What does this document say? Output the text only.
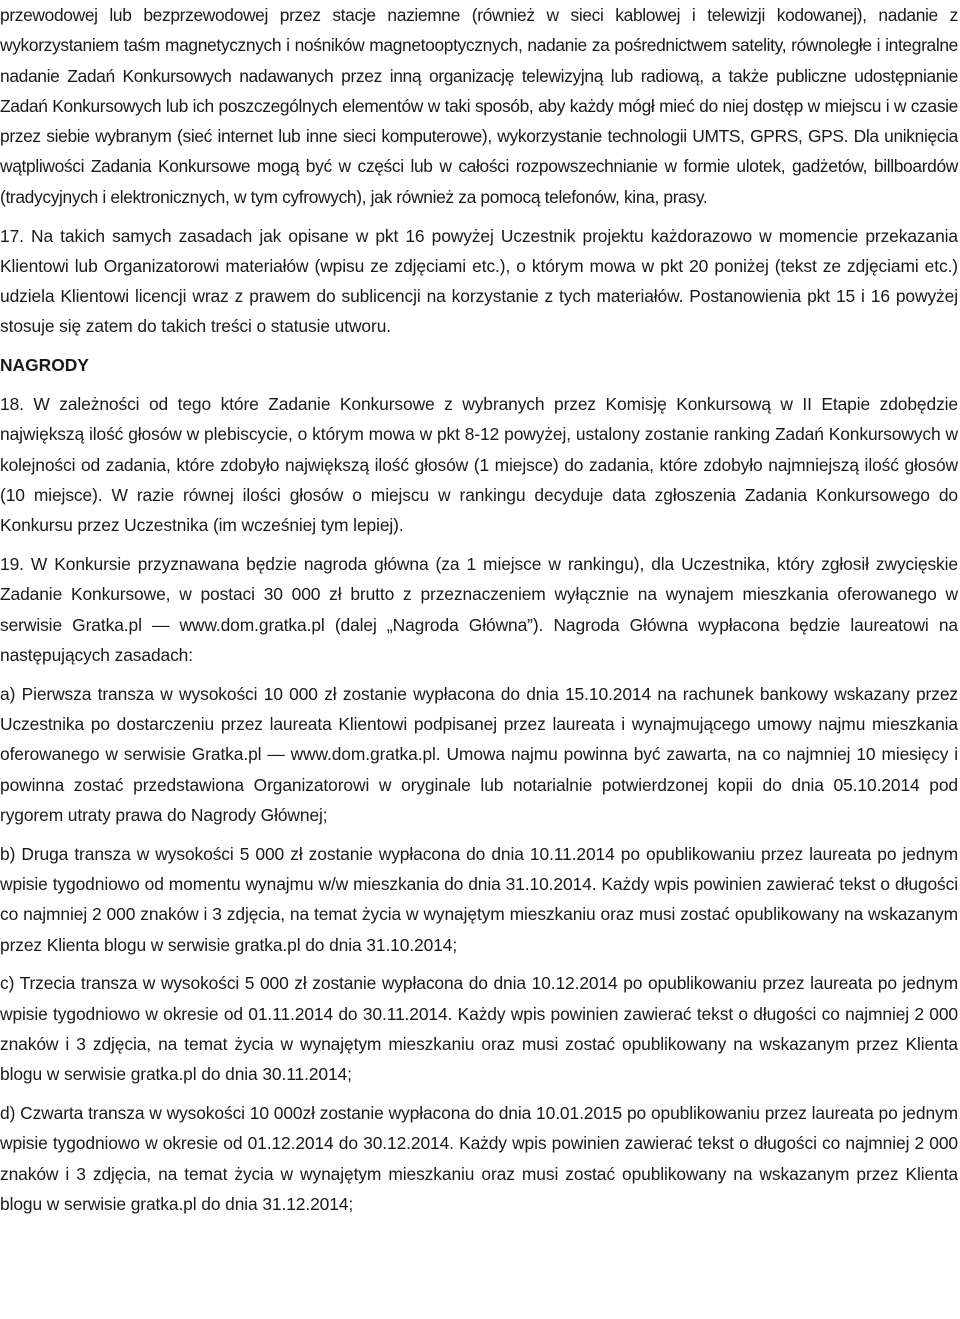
przewodowej lub bezprzewodowej przez stacje naziemne (również w sieci kablowej i telewizji kodowanej), nadanie z wykorzystaniem taśm magnetycznych i nośników magnetooptycznych, nadanie za pośrednictwem satelity, równoległe i integralne nadanie Zadań Konkursowych nadawanych przez inną organizację telewizyjną lub radiową, a także publiczne udostępnianie Zadań Konkursowych lub ich poszczególnych elementów w taki sposób, aby każdy mógł mieć do niej dostęp w miejscu i w czasie przez siebie wybranym (sieć internet lub inne sieci komputerowe), wykorzystanie technologii UMTS, GPRS, GPS. Dla uniknięcia wątpliwości Zadania Konkursowe mogą być w części lub w całości rozpowszechnianie w formie ulotek, gadżetów, billboardów (tradycyjnych i elektronicznych, w tym cyfrowych), jak również za pomocą telefonów, kina, prasy.

17. Na takich samych zasadach jak opisane w pkt 16 powyżej Uczestnik projektu każdorazowo w momencie przekazania Klientowi lub Organizatorowi materiałów (wpisu ze zdjęciami etc.), o którym mowa w pkt 20 poniżej (tekst ze zdjęciami etc.) udziela Klientowi licencji wraz z prawem do sublicencji na korzystanie z tych materiałów. Postanowienia pkt 15 i 16 powyżej stosuje się zatem do takich treści o statusie utworu.

NAGRODY

18. W zależności od tego które Zadanie Konkursowe z wybranych przez Komisję Konkursową w II Etapie zdobędzie największą ilość głosów w plebiscycie, o którym mowa w pkt 8-12 powyżej, ustalony zostanie ranking Zadań Konkursowych w kolejności od zadania, które zdobyło największą ilość głosów (1 miejsce) do zadania, które zdobyło najmniejszą ilość głosów (10 miejsce). W razie równej ilości głosów o miejscu w rankingu decyduje data zgłoszenia Zadania Konkursowego do Konkursu przez Uczestnika (im wcześniej tym lepiej).

19. W Konkursie przyznawana będzie nagroda główna (za 1 miejsce w rankingu), dla Uczestnika, który zgłosił zwycięskie Zadanie Konkursowe, w postaci 30 000 zł brutto z przeznaczeniem wyłącznie na wynajem mieszkania oferowanego w serwisie Gratka.pl — www.dom.gratka.pl (dalej „Nagroda Główna”). Nagroda Główna wypłacona będzie laureatowi na następujących zasadach:

a) Pierwsza transza w wysokości 10 000 zł zostanie wypłacona do dnia 15.10.2014 na rachunek bankowy wskazany przez Uczestnika po dostarczeniu przez laureata Klientowi podpisanej przez laureata i wynajmującego umowy najmu mieszkania oferowanego w serwisie Gratka.pl — www.dom.gratka.pl. Umowa najmu powinna być zawarta, na co najmniej 10 miesięcy i powinna zostać przedstawiona Organizatorowi w oryginale lub notarialnie potwierdzonej kopii do dnia 05.10.2014 pod rygorem utraty prawa do Nagrody Głównej;

b) Druga transza w wysokości 5 000 zł zostanie wypłacona do dnia 10.11.2014 po opublikowaniu przez laureata po jednym wpisie tygodniowo od momentu wynajmu w/w mieszkania do dnia 31.10.2014. Każdy wpis powinien zawierać tekst o długości co najmniej 2 000 znaków i 3 zdjęcia, na temat życia w wynajętym mieszkaniu oraz musi zostać opublikowany na wskazanym przez Klienta blogu w serwisie gratka.pl do dnia 31.10.2014;

c) Trzecia transza w wysokości 5 000 zł zostanie wypłacona do dnia 10.12.2014 po opublikowaniu przez laureata po jednym wpisie tygodniowo w okresie od 01.11.2014 do 30.11.2014. Każdy wpis powinien zawierać tekst o długości co najmniej 2 000 znaków i 3 zdjęcia, na temat życia w wynajętym mieszkaniu oraz musi zostać opublikowany na wskazanym przez Klienta blogu w serwisie gratka.pl do dnia 30.11.2014;

d) Czwarta transza w wysokości 10 000zł zostanie wypłacona do dnia 10.01.2015 po opublikowaniu przez laureata po jednym wpisie tygodniowo w okresie od 01.12.2014 do 30.12.2014. Każdy wpis powinien zawierać tekst o długości co najmniej 2 000 znaków i 3 zdjęcia, na temat życia w wynajętym mieszkaniu oraz musi zostać opublikowany na wskazanym przez Klienta blogu w serwisie gratka.pl do dnia 31.12.2014;
